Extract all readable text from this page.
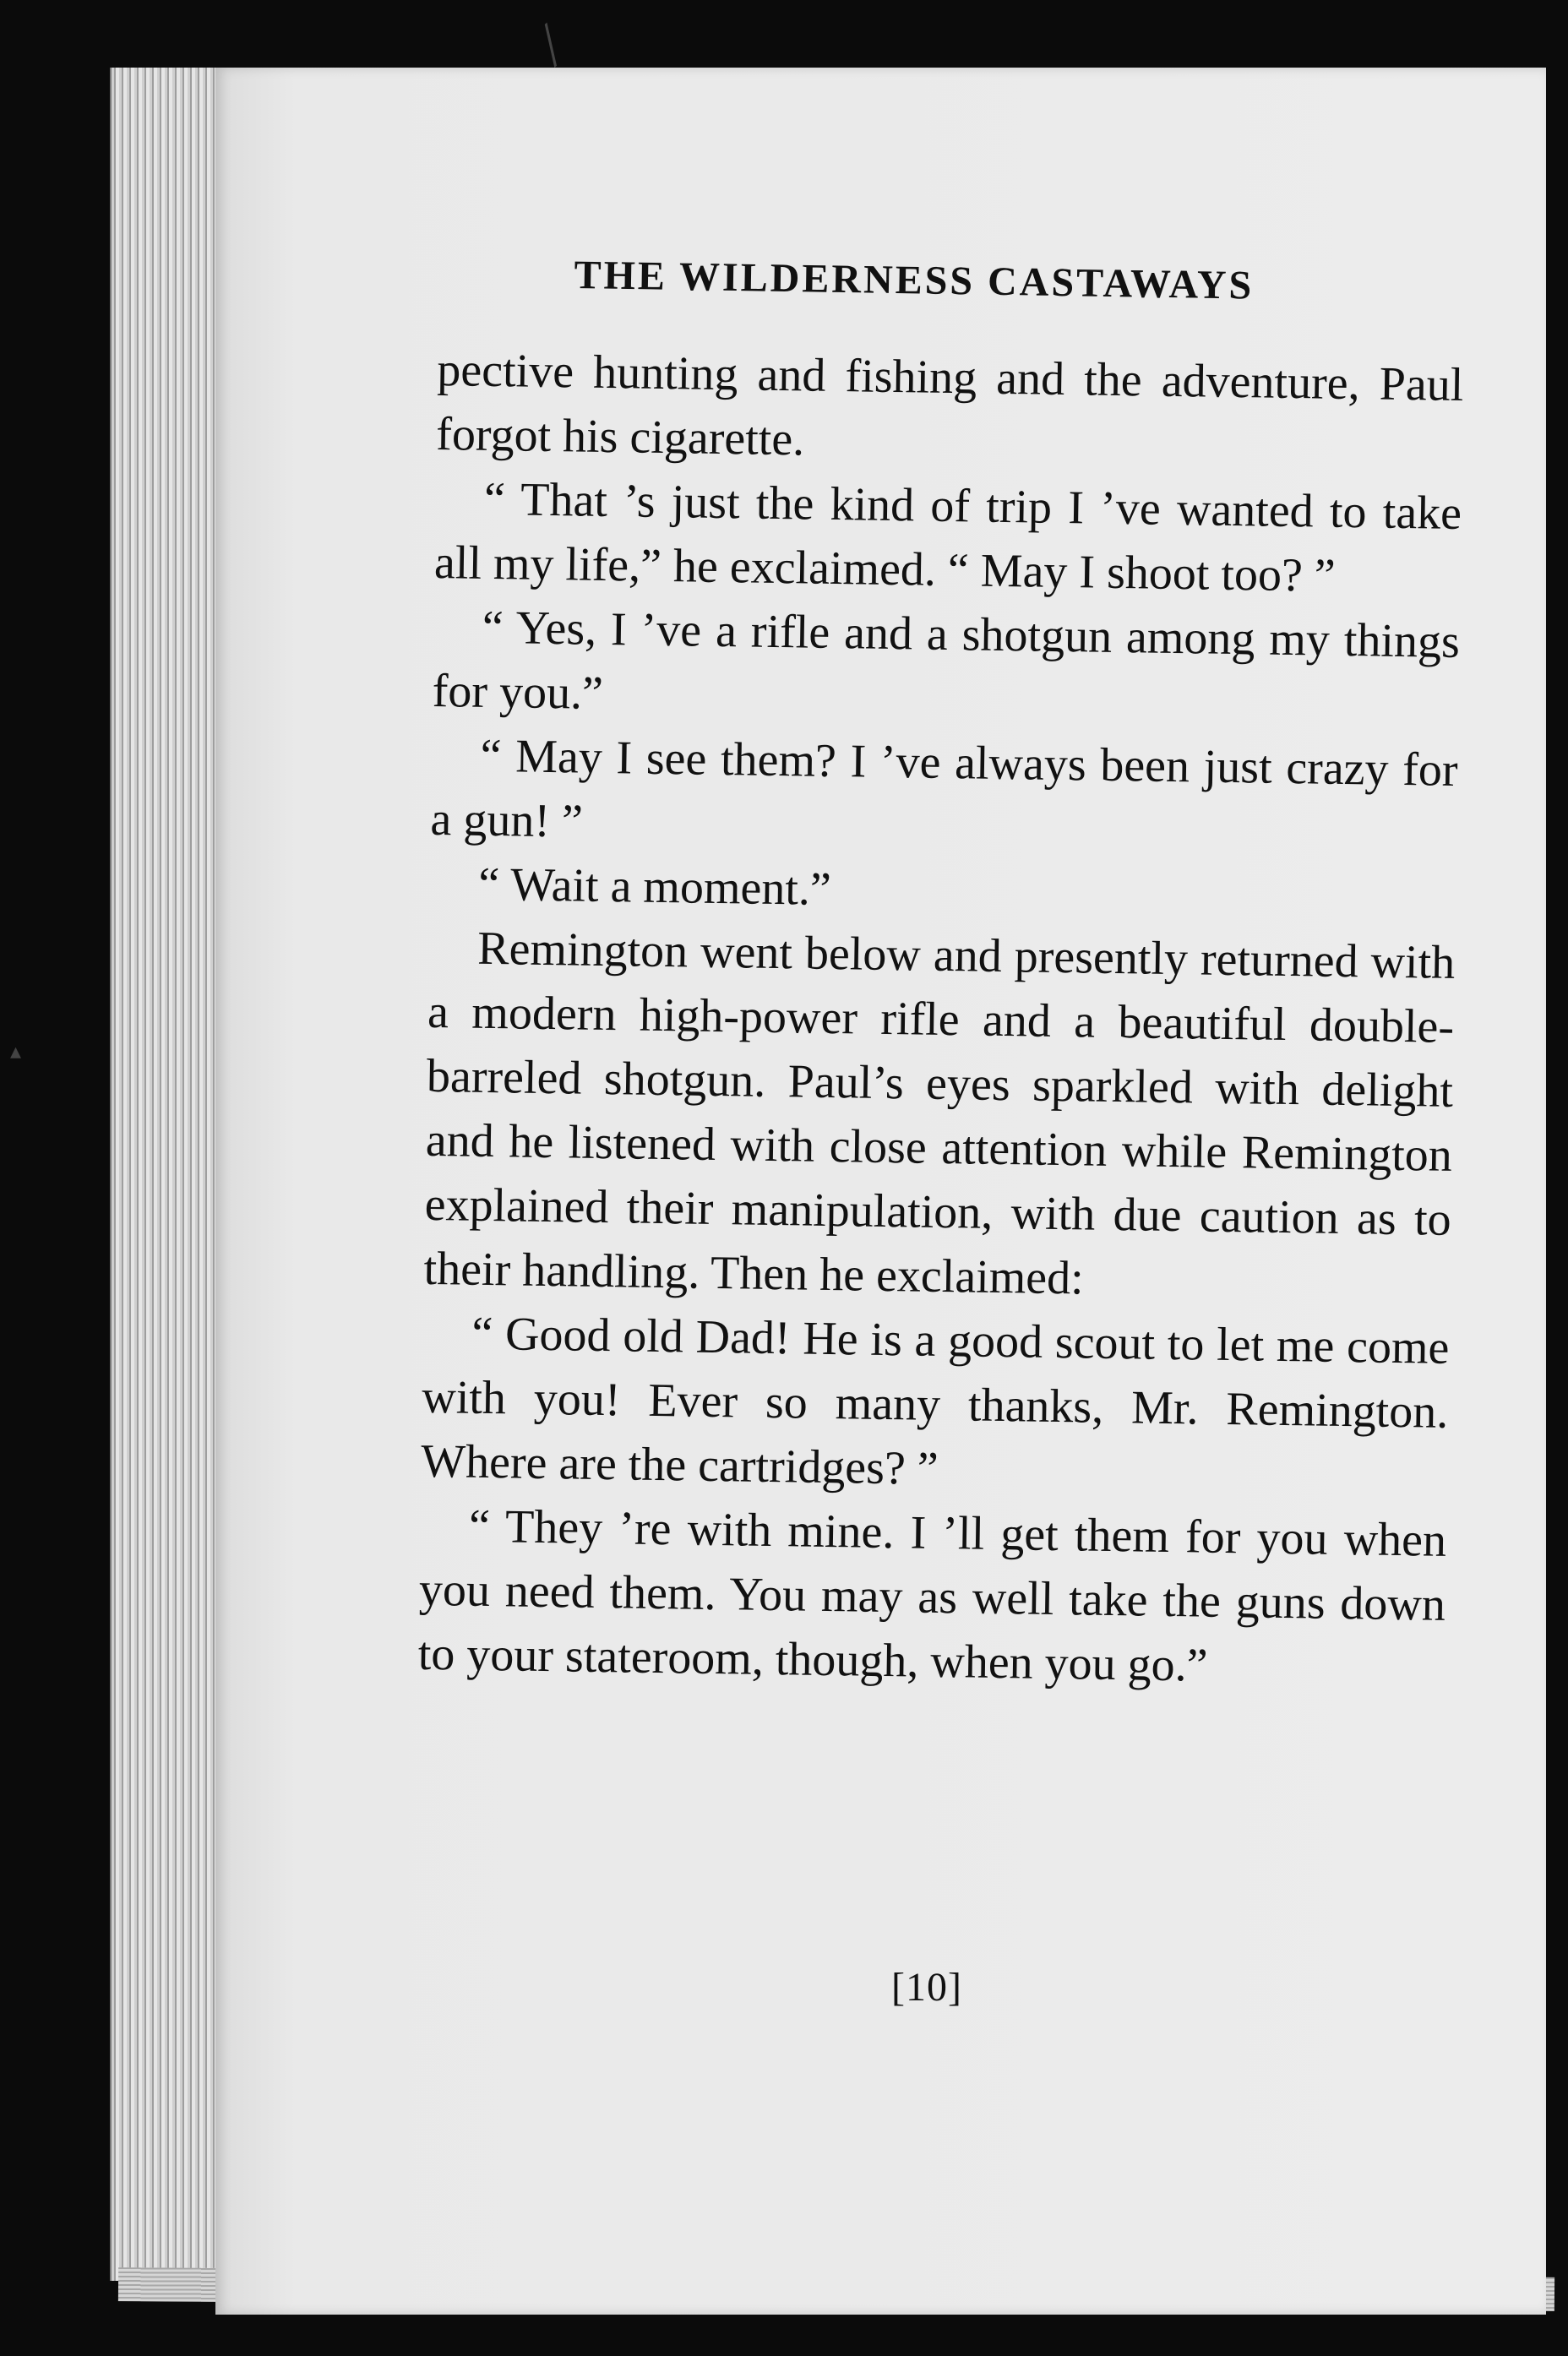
THE WILDERNESS CASTAWAYS

pective hunting and fishing and the adventure, Paul forgot his cigarette.

“ That ’s just the kind of trip I ’ve wanted to take all my life,” he exclaimed. “ May I shoot too? ”

“ Yes, I ’ve a rifle and a shotgun among my things for you.”

“ May I see them? I ’ve always been just crazy for a gun! ”

“ Wait a moment.”

Remington went below and presently returned with a modern high-power rifle and a beautiful double-barreled shotgun. Paul’s eyes sparkled with delight and he listened with close attention while Remington explained their manipulation, with due caution as to their handling. Then he exclaimed:

“ Good old Dad! He is a good scout to let me come with you! Ever so many thanks, Mr. Remington. Where are the cartridges? ”

“ They ’re with mine. I ’ll get them for you when you need them. You may as well take the guns down to your stateroom, though, when you go.”

[10]
╱
▴
